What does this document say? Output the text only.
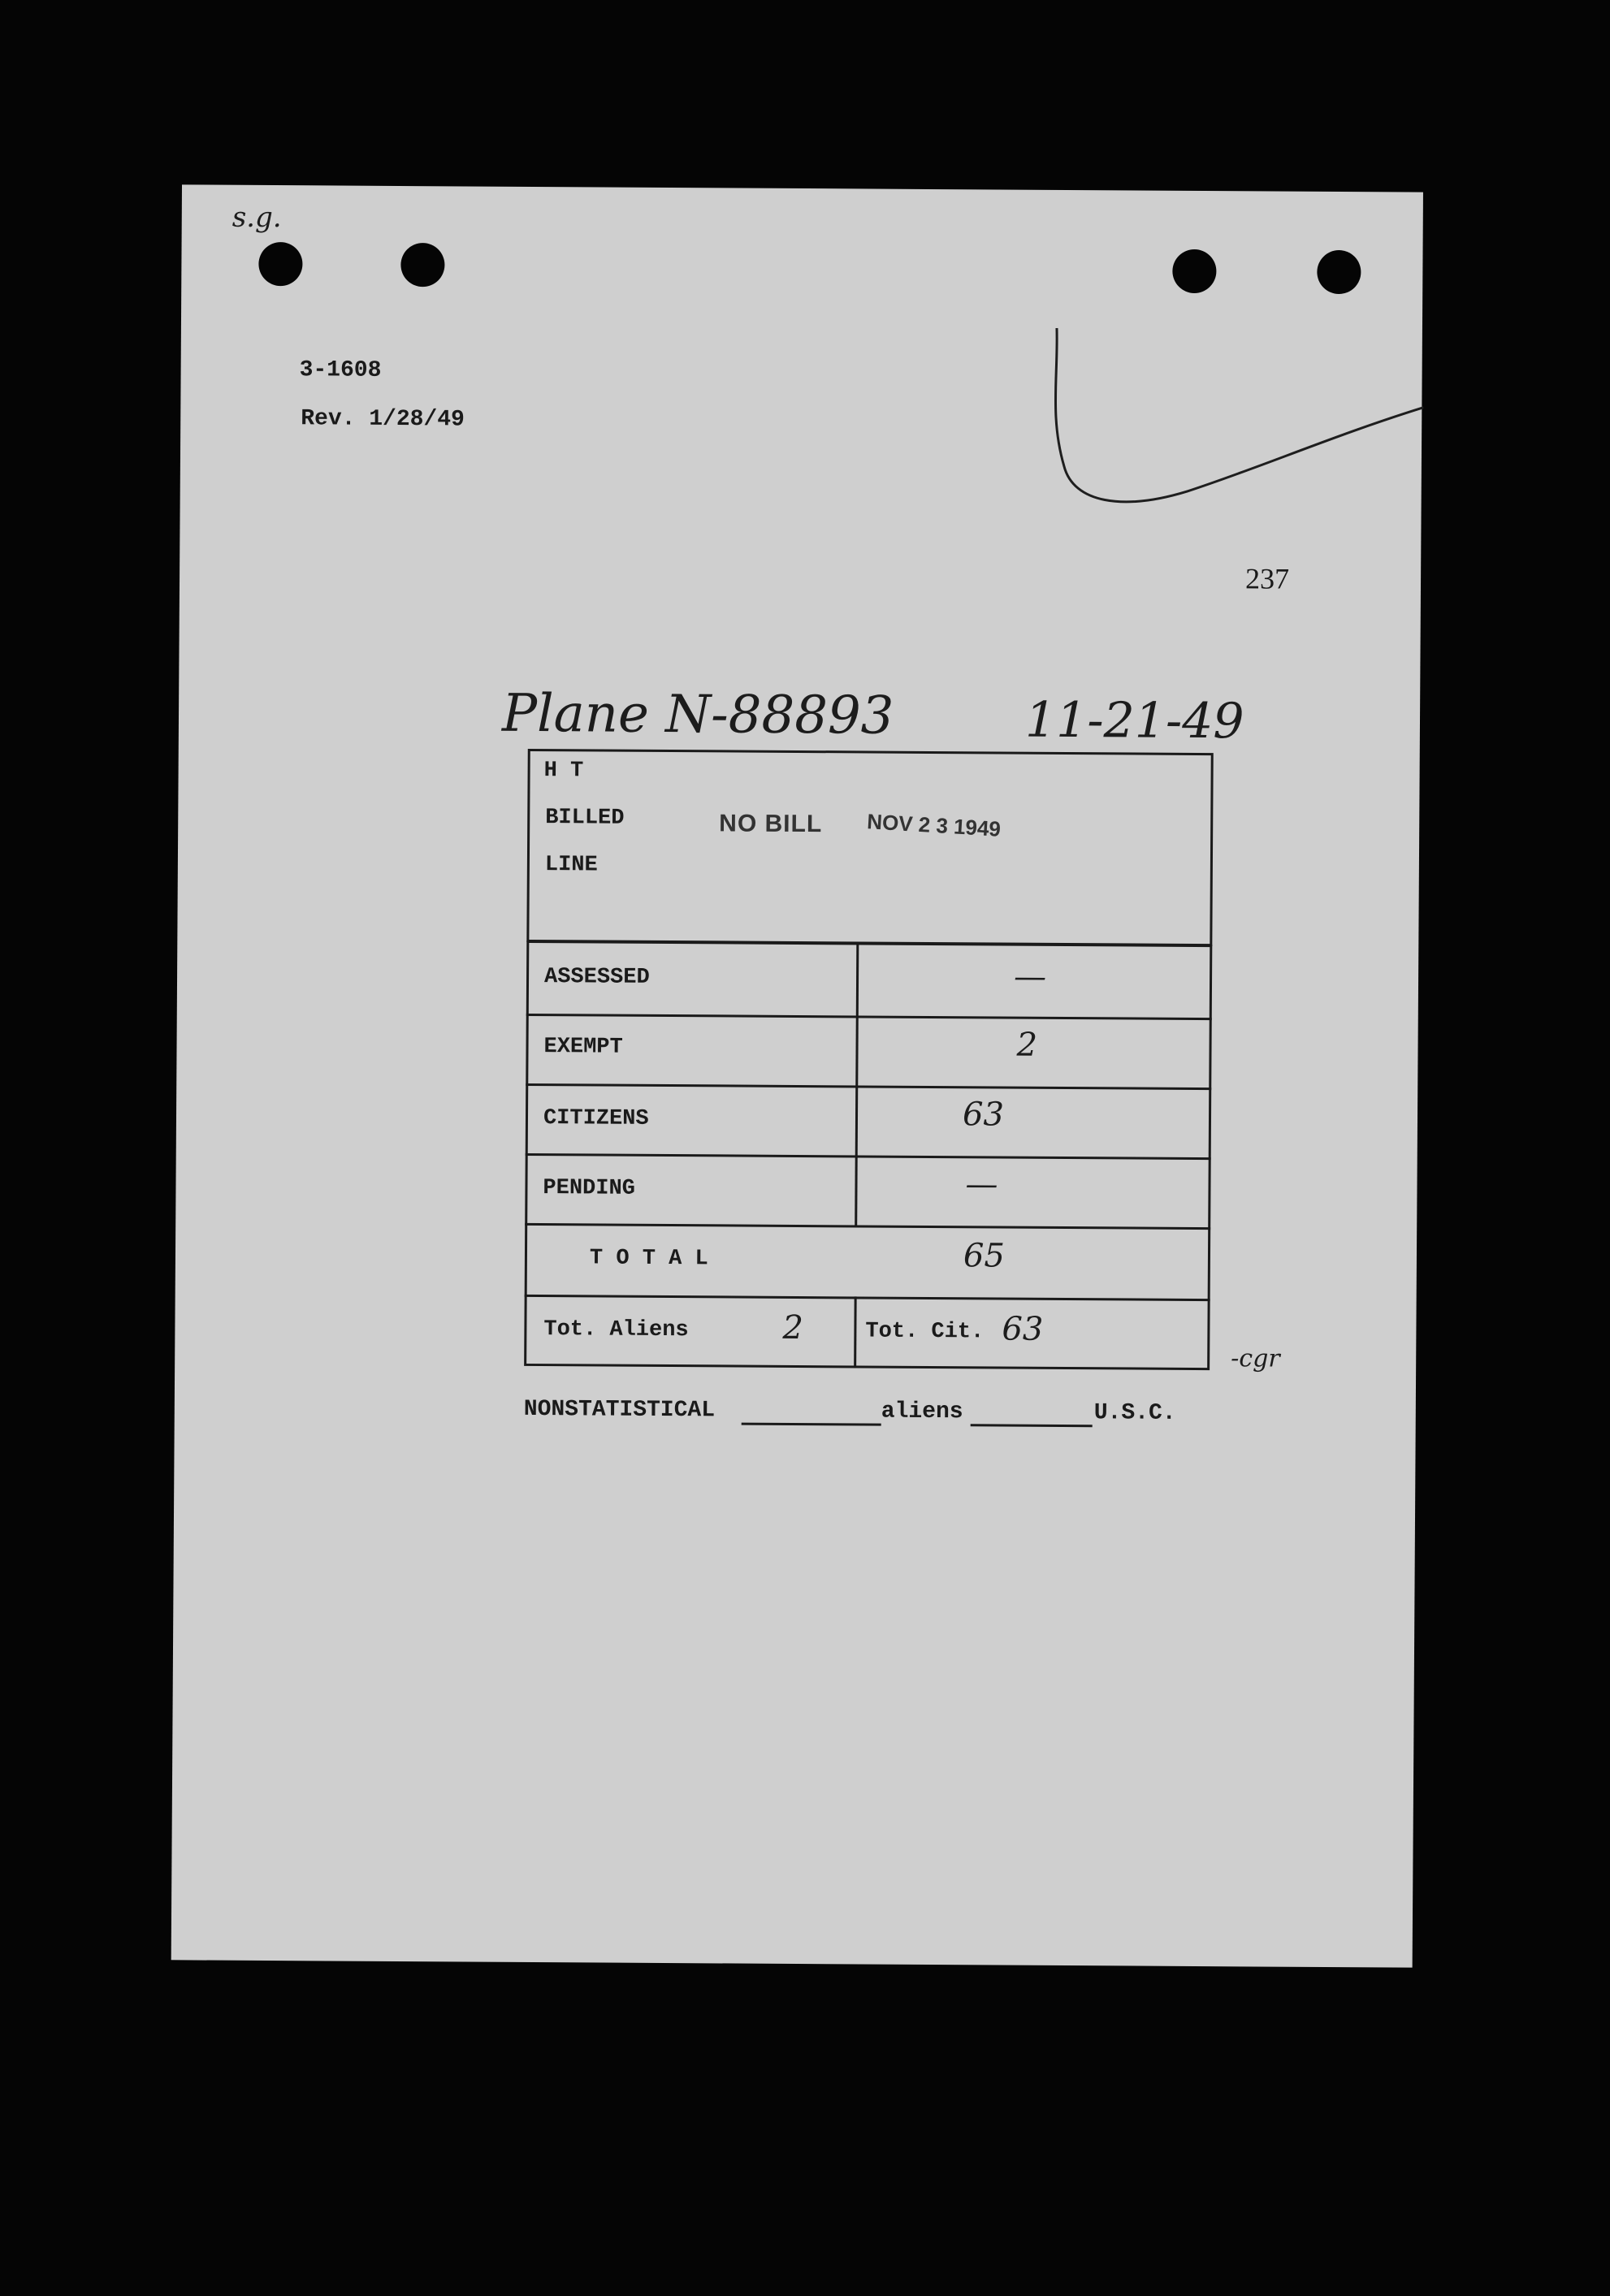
s.g.
3-1608
Rev. 1/28/49
237
Plane N-88893	11-21-49
H T
BILLED
LINE
NO BILL NOV 2 3 1949
ASSESSED	—
EXEMPT	2
CITIZENS	63
PENDING	—
T O T A L	65
Tot. Aliens	2	Tot. Cit. 63
-cgr
NONSTATISTICAL	aliens	U.S.C.
